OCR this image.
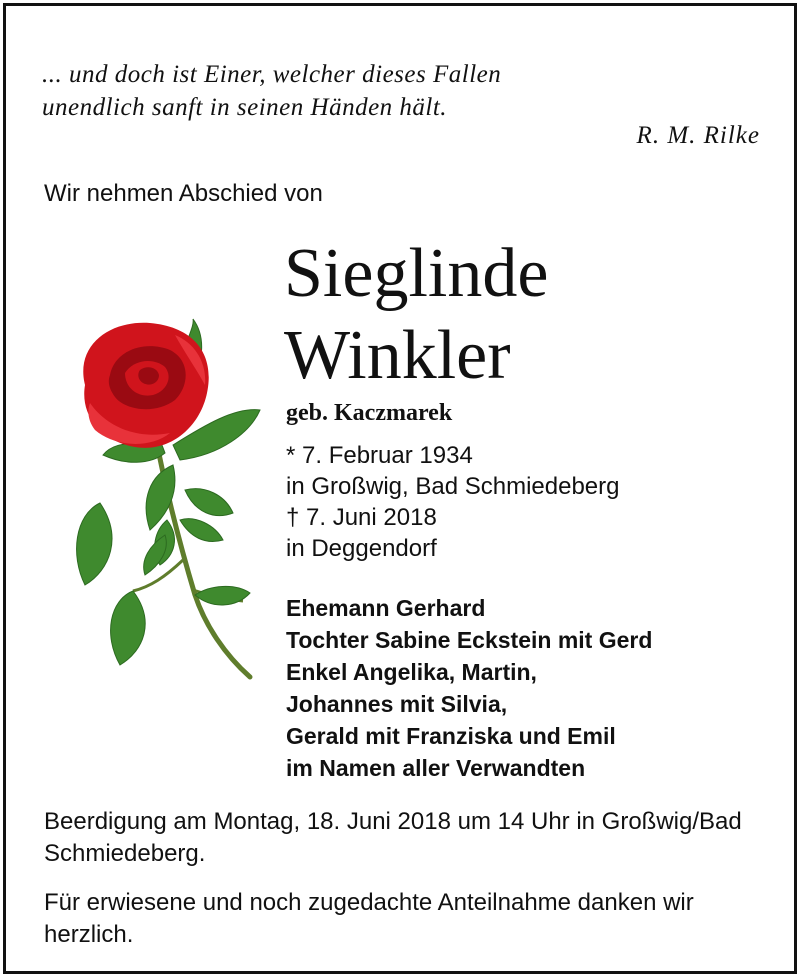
... und doch ist Einer, welcher dieses Fallen
unendlich sanft in seinen Händen hält.
R. M. Rilke
Wir nehmen Abschied von
Sieglinde
Winkler
geb. Kaczmarek
* 7. Februar 1934
in Großwig, Bad Schmiedeberg
† 7. Juni 2018
in Deggendorf
Ehemann Gerhard
Tochter Sabine Eckstein mit Gerd
Enkel Angelika, Martin,
Johannes mit Silvia,
Gerald mit Franziska und Emil
im Namen aller Verwandten
Beerdigung am Montag, 18. Juni 2018 um 14 Uhr in Großwig/Bad Schmiedeberg.
Für erwiesene und noch zugedachte Anteilnahme danken wir herzlich.
